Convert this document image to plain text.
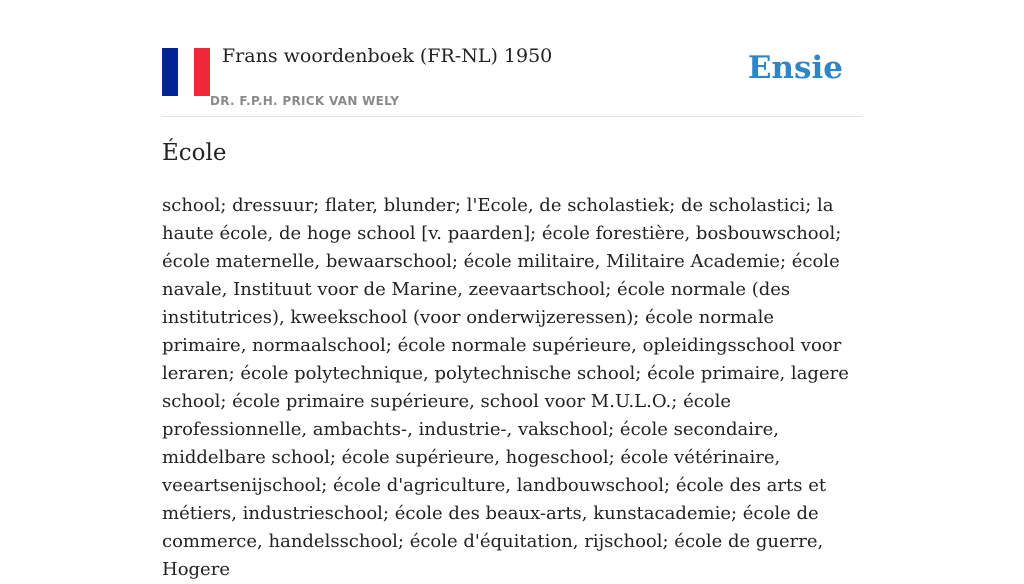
Frans woordenboek (FR-NL) 1950
DR. F.P.H. PRICK VAN WELY
Ensie
École

school; dressuur; flater, blunder; l'Ecole, de scholastiek; de scholastici; la haute école, de hoge school [v. paarden]; école forestière, bosbouwschool; école maternelle, bewaarschool; école militaire, Militaire Academie; école navale, Instituut voor de Marine, zeevaartschool; école normale (des institutrices), kweekschool (voor onderwijzeressen); école normale primaire, normaalschool; école normale supérieure, opleidingsschool voor leraren; école polytechnique, polytechnische school; école primaire, lagere school; école primaire supérieure, school voor M.U.L.O.; école professionnelle, ambachts-, industrie-, vakschool; école secondaire, middelbare school; école supérieure, hogeschool; école vétérinaire, veeartsenijschool; école d'agriculture, landbouwschool; école des arts et métiers, industrieschool; école des beaux-arts, kunstacademie; école de commerce, handelsschool; école d'équitation, rijschool; école de guerre, Hogere
